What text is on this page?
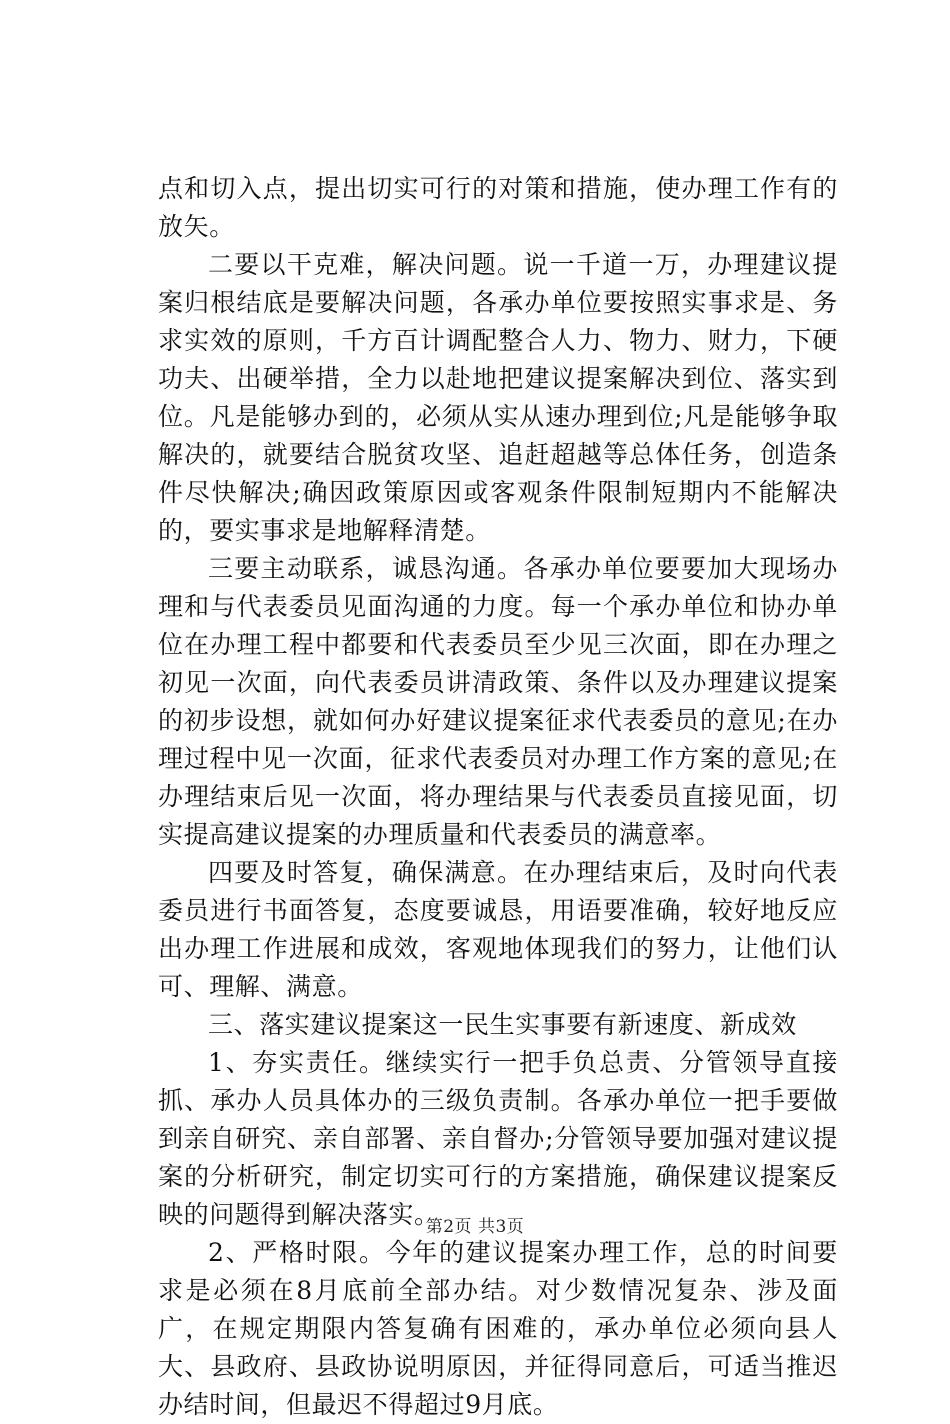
点和切入点，提出切实可行的对策和措施，使办理工作有的放矢。

二要以干克难，解决问题。说一千道一万，办理建议提案归根结底是要解决问题，各承办单位要按照实事求是、务求实效的原则，千方百计调配整合人力、物力、财力，下硬功夫、出硬举措，全力以赴地把建议提案解决到位、落实到位。凡是能够办到的，必须从实从速办理到位;凡是能够争取解决的，就要结合脱贫攻坚、追赶超越等总体任务，创造条件尽快解决;确因政策原因或客观条件限制短期内不能解决的，要实事求是地解释清楚。

三要主动联系，诚恳沟通。各承办单位要要加大现场办理和与代表委员见面沟通的力度。每一个承办单位和协办单位在办理工程中都要和代表委员至少见三次面，即在办理之初见一次面，向代表委员讲清政策、条件以及办理建议提案的初步设想，就如何办好建议提案征求代表委员的意见;在办理过程中见一次面，征求代表委员对办理工作方案的意见;在办理结束后见一次面，将办理结果与代表委员直接见面，切实提高建议提案的办理质量和代表委员的满意率。

四要及时答复，确保满意。在办理结束后，及时向代表委员进行书面答复，态度要诚恳，用语要准确，较好地反应出办理工作进展和成效，客观地体现我们的努力，让他们认可、理解、满意。

三、落实建议提案这一民生实事要有新速度、新成效

1、夯实责任。继续实行一把手负总责、分管领导直接抓、承办人员具体办的三级负责制。各承办单位一把手要做到亲自研究、亲自部署、亲自督办;分管领导要加强对建议提案的分析研究，制定切实可行的方案措施，确保建议提案反映的问题得到解决落实。

2、严格时限。今年的建议提案办理工作，总的时间要求是必须在8月底前全部办结。对少数情况复杂、涉及面广，在规定期限内答复确有困难的，承办单位必须向县人大、县政府、县政协说明原因，并征得同意后，可适当推迟办结时间，但最迟不得超过9月底。

第2页 共3页
